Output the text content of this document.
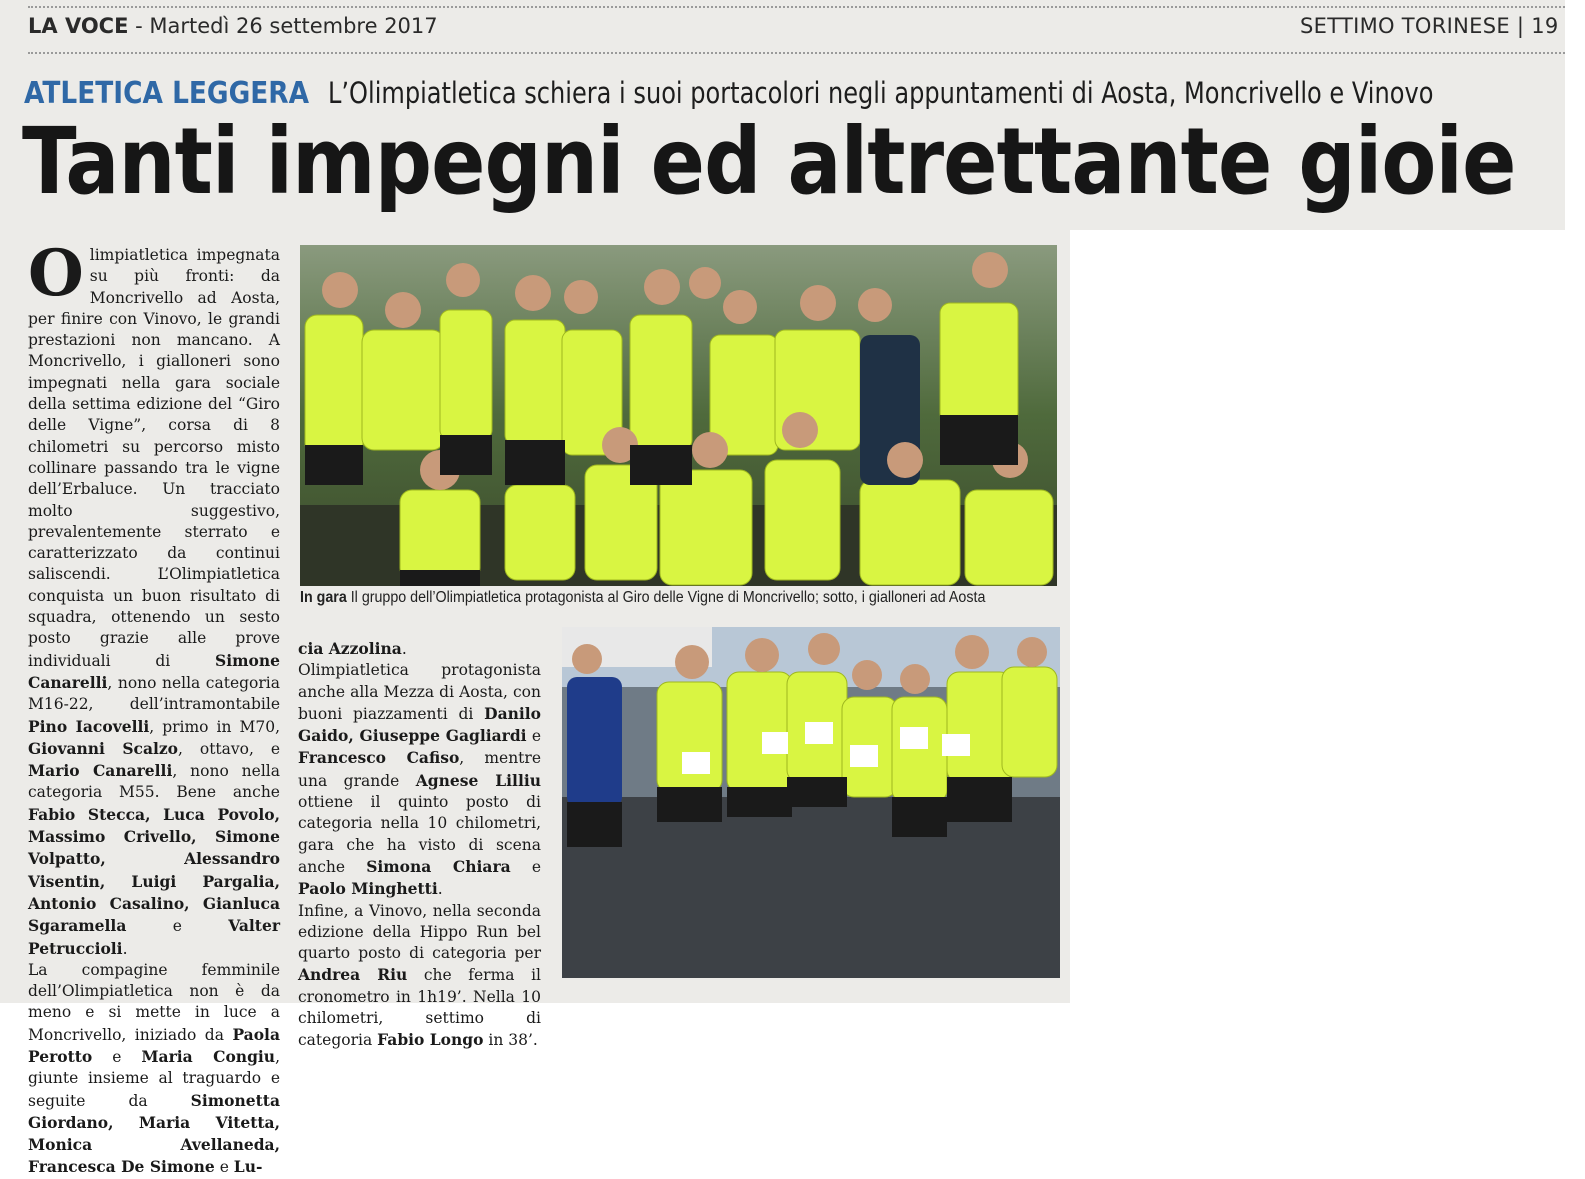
LA VOCE - Martedì 26 settembre 2017	SETTIMO TORINESE | 19
ATLETICA LEGGERA L’Olimpiatletica schiera i suoi portacolori negli appuntamenti di Aosta, Moncrivello e Vinovo
Tanti impegni ed altrettante gioie

Olimpiatletica impegnata su più fronti: da Moncrivello ad Aosta, per finire con Vinovo, le grandi prestazioni non mancano. A Moncrivello, i gialloneri sono impegnati nella gara sociale della settima edizione del “Giro delle Vigne”, corsa di 8 chilometri su percorso misto collinare passando tra le vigne dell’Erbaluce. Un tracciato molto suggestivo, prevalentemente sterrato e caratterizzato da continui saliscendi. L’Olimpiatletica conquista un buon risultato di squadra, ottenendo un sesto posto grazie alle prove individuali di Simone Canarelli, nono nella categoria M16-22, dell’intramontabile Pino Iacovelli, primo in M70, Giovanni Scalzo, ottavo, e Mario Canarelli, nono nella categoria M55. Bene anche Fabio Stecca, Luca Povolo, Massimo Crivello, Simone Volpatto, Alessandro Visentin, Luigi Pargalia, Antonio Casalino, Gianluca Sgaramella e Valter Petruccioli.

La compagine femminile dell’Olimpiatletica non è da meno e si mette in luce a Moncrivello, iniziado da Paola Perotto e Maria Congiu, giunte insieme al traguardo e seguite da Simonetta Giordano, Maria Vitetta, Monica Avellaneda, Francesca De Simone e Lu-

cia Azzolina.

Olimpiatletica protagonista anche alla Mezza di Aosta, con buoni piazzamenti di Danilo Gaido, Giuseppe Gagliardi e Francesco Cafiso, mentre una grande Agnese Lilliu ottiene il quinto posto di categoria nella 10 chilometri, gara che ha visto di scena anche Simona Chiara e Paolo Minghetti.

Infine, a Vinovo, nella seconda edizione della Hippo Run bel quarto posto di categoria per Andrea Riu che ferma il cronometro in 1h19’. Nella 10 chilometri, settimo di categoria Fabio Longo in 38’.

In gara Il gruppo dell’Olimpiatletica protagonista al Giro delle Vigne di Moncrivello; sotto, i gialloneri ad Aosta
